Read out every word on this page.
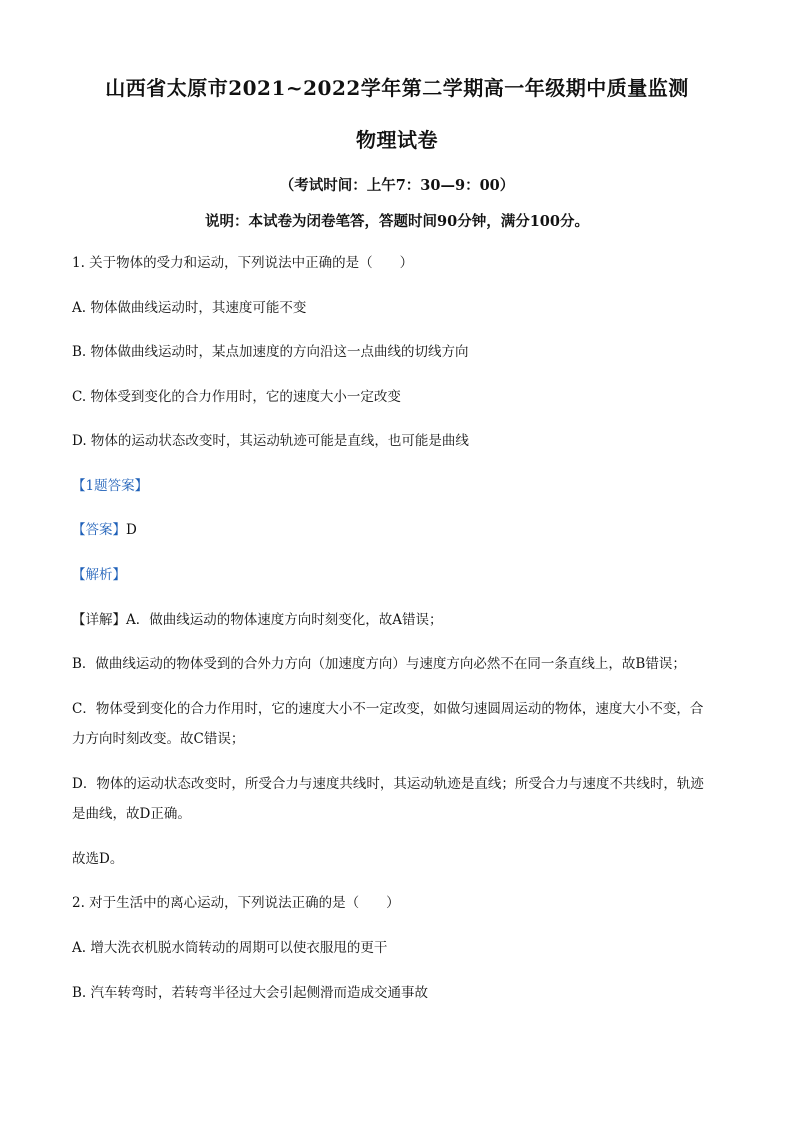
山西省太原市2021~2022学年第二学期高一年级期中质量监测
物理试卷
（考试时间：上午7：30—9：00）
说明：本试卷为闭卷笔答，答题时间90分钟，满分100分。
1. 关于物体的受力和运动，下列说法中正确的是（　　）
A. 物体做曲线运动时，其速度可能不变
B. 物体做曲线运动时，某点加速度的方向沿这一点曲线的切线方向
C. 物体受到变化的合力作用时，它的速度大小一定改变
D. 物体的运动状态改变时，其运动轨迹可能是直线，也可能是曲线
【1题答案】
【答案】D
【解析】
【详解】A．做曲线运动的物体速度方向时刻变化，故A错误；
B．做曲线运动的物体受到的合外力方向（加速度方向）与速度方向必然不在同一条直线上，故B错误；
C．物体受到变化的合力作用时，它的速度大小不一定改变，如做匀速圆周运动的物体，速度大小不变，合
力方向时刻改变。故C错误；
D．物体的运动状态改变时，所受合力与速度共线时，其运动轨迹是直线；所受合力与速度不共线时，轨迹
是曲线，故D正确。
故选D。
2. 对于生活中的离心运动，下列说法正确的是（　　）
A. 增大洗衣机脱水筒转动的周期可以使衣服甩的更干
B. 汽车转弯时，若转弯半径过大会引起侧滑而造成交通事故
